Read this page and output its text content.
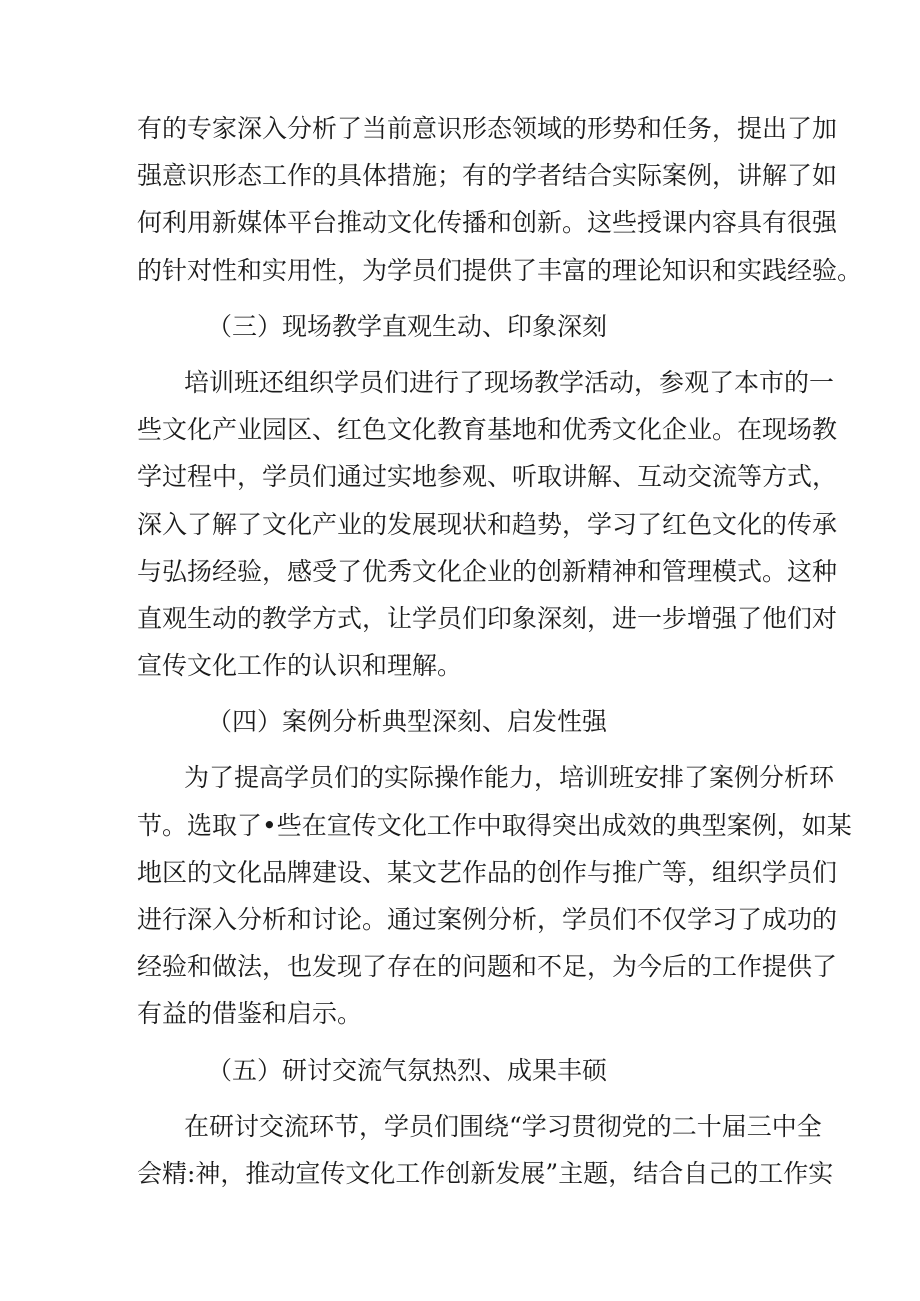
有的专家深入分析了当前意识形态领域的形势和任务，提出了加
强意识形态工作的具体措施；有的学者结合实际案例，讲解了如
何利用新媒体平台推动文化传播和创新。这些授课内容具有很强
的针对性和实用性，为学员们提供了丰富的理论知识和实践经验。
（三）现场教学直观生动、印象深刻
培训班还组织学员们进行了现场教学活动，参观了本市的一
些文化产业园区、红色文化教育基地和优秀文化企业。在现场教
学过程中，学员们通过实地参观、听取讲解、互动交流等方式，
深入了解了文化产业的发展现状和趋势，学习了红色文化的传承
与弘扬经验，感受了优秀文化企业的创新精神和管理模式。这种
直观生动的教学方式，让学员们印象深刻，进一步增强了他们对
宣传文化工作的认识和理解。
（四）案例分析典型深刻、启发性强
为了提高学员们的实际操作能力，培训班安排了案例分析环
节。选取了•些在宣传文化工作中取得突出成效的典型案例，如某
地区的文化品牌建设、某文艺作品的创作与推广等，组织学员们
进行深入分析和讨论。通过案例分析，学员们不仅学习了成功的
经验和做法，也发现了存在的问题和不足，为今后的工作提供了
有益的借鉴和启示。
（五）研讨交流气氛热烈、成果丰硕
在研讨交流环节，学员们围绕“学习贯彻党的二十届三中全
会精:神，推动宣传文化工作创新发展”主题，结合自己的工作实
